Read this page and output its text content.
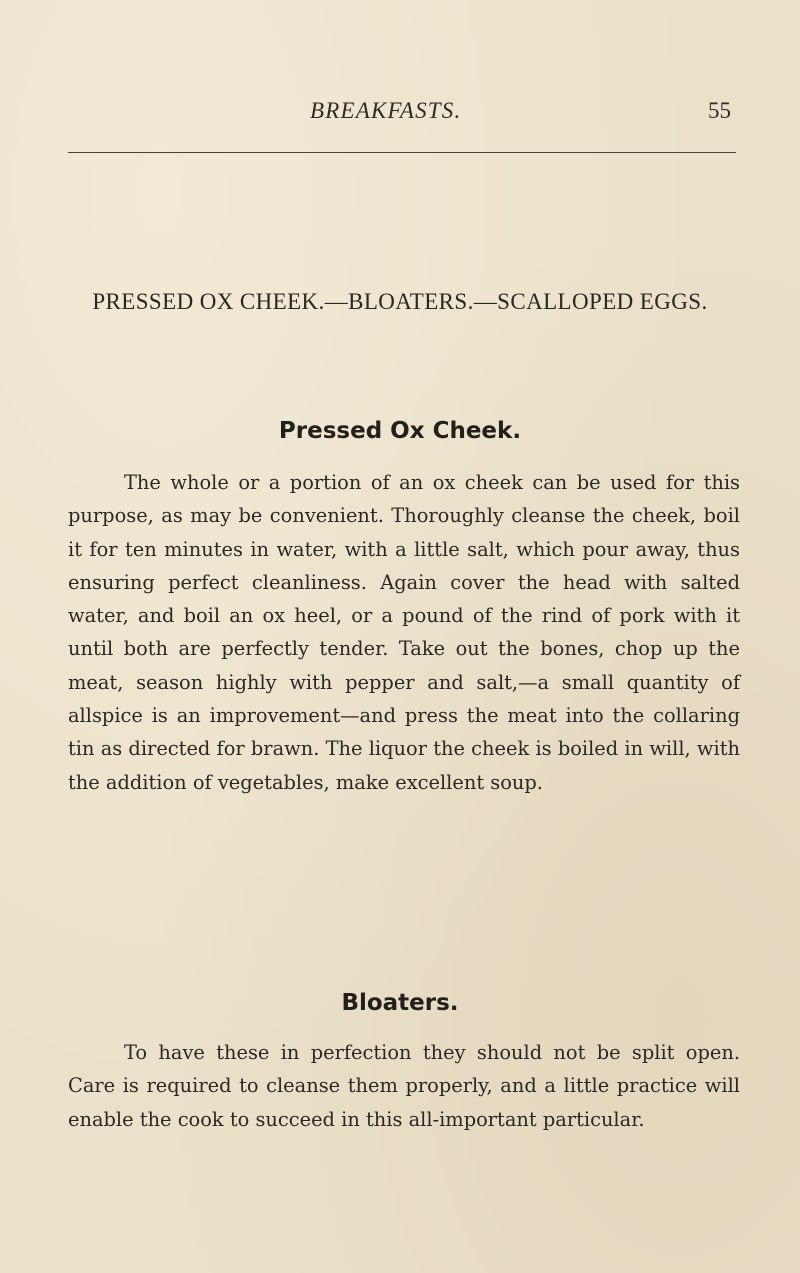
BREAKFASTS.	55
PRESSED OX CHEEK.—BLOATERS.—SCALLOPED EGGS.
Pressed Ox Cheek.

The whole or a portion of an ox cheek can be used for this purpose, as may be convenient. Thoroughly cleanse the cheek, boil it for ten minutes in water, with a little salt, which pour away, thus ensuring perfect cleanliness. Again cover the head with salted water, and boil an ox heel, or a pound of the rind of pork with it until both are perfectly tender. Take out the bones, chop up the meat, season highly with pepper and salt,—a small quantity of allspice is an improvement—and press the meat into the collaring tin as directed for brawn. The liquor the cheek is boiled in will, with the addition of vegetables, make excellent soup.

Bloaters.

To have these in perfection they should not be split open. Care is required to cleanse them properly, and a little practice will enable the cook to succeed in this all-important particular.
